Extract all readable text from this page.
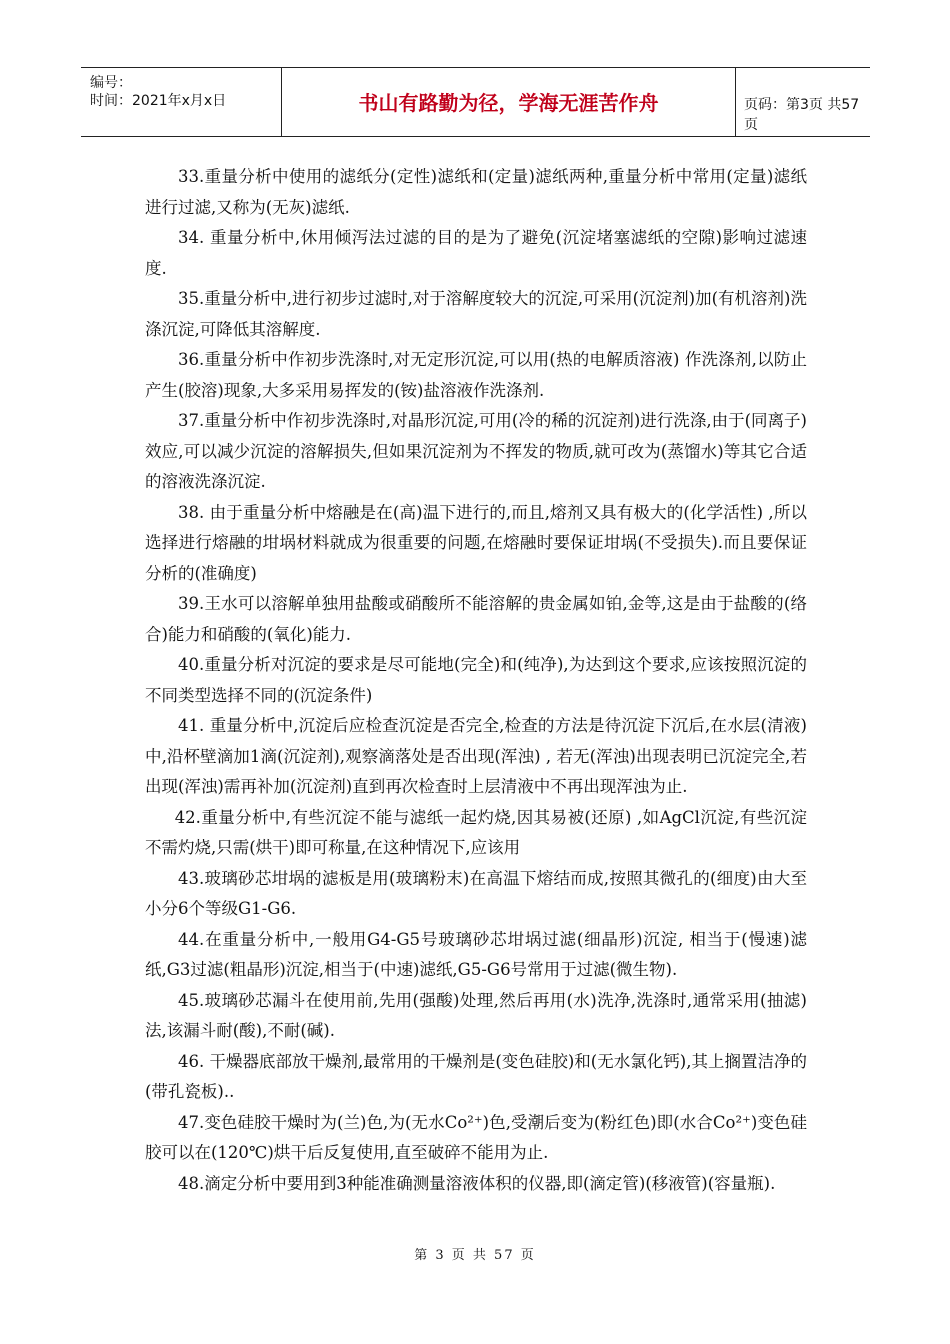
编号：
时间：2021年x月x日	书山有路勤为径，学海无涯苦作舟	页码：第3页 共57页

33.重量分析中使用的滤纸分(定性)滤纸和(定量)滤纸两种,重量分析中常用(定量)滤纸进行过滤,又称为(无灰)滤纸.

34. 重量分析中,休用倾泻法过滤的目的是为了避免(沉淀堵塞滤纸的空隙)影响过滤速度.

35.重量分析中,进行初步过滤时,对于溶解度较大的沉淀,可采用(沉淀剂)加(有机溶剂)洗涤沉淀,可降低其溶解度.

36.重量分析中作初步洗涤时,对无定形沉淀,可以用(热的电解质溶液) 作洗涤剂,以防止产生(胶溶)现象,大多采用易挥发的(铵)盐溶液作洗涤剂.

37.重量分析中作初步洗涤时,对晶形沉淀,可用(冷的稀的沉淀剂)进行洗涤,由于(同离子)效应,可以减少沉淀的溶解损失,但如果沉淀剂为不挥发的物质,就可改为(蒸馏水)等其它合适的溶液洗涤沉淀.

38. 由于重量分析中熔融是在(高)温下进行的,而且,熔剂又具有极大的(化学活性) ,所以选择进行熔融的坩埚材料就成为很重要的问题,在熔融时要保证坩埚(不受损失).而且要保证分析的(准确度)

39.王水可以溶解单独用盐酸或硝酸所不能溶解的贵金属如铂,金等,这是由于盐酸的(络合)能力和硝酸的(氧化)能力.

40.重量分析对沉淀的要求是尽可能地(完全)和(纯净),为达到这个要求,应该按照沉淀的不同类型选择不同的(沉淀条件)

41. 重量分析中,沉淀后应检查沉淀是否完全,检查的方法是待沉淀下沉后,在水层(清液)中,沿杯壁滴加1滴(沉淀剂),观察滴落处是否出现(浑浊) , 若无(浑浊)出现表明已沉淀完全,若出现(浑浊)需再补加(沉淀剂)直到再次检查时上层清液中不再出现浑浊为止.

42.重量分析中,有些沉淀不能与滤纸一起灼烧,因其易被(还原) ,如AgCl沉淀,有些沉淀不需灼烧,只需(烘干)即可称量,在这种情况下,应该用

43.玻璃砂芯坩埚的滤板是用(玻璃粉末)在高温下熔结而成,按照其微孔的(细度)由大至小分6个等级G1-G6.

44.在重量分析中,一般用G4-G5号玻璃砂芯坩埚过滤(细晶形)沉淀, 相当于(慢速)滤纸,G3过滤(粗晶形)沉淀,相当于(中速)滤纸,G5-G6号常用于过滤(微生物).

45.玻璃砂芯漏斗在使用前,先用(强酸)处理,然后再用(水)洗净,洗涤时,通常采用(抽滤)法,该漏斗耐(酸),不耐(碱).

46. 干燥器底部放干燥剂,最常用的干燥剂是(变色硅胶)和(无水氯化钙),其上搁置洁净的(带孔瓷板)..

47.变色硅胶干燥时为(兰)色,为(无水Co²⁺)色,受潮后变为(粉红色)即(水合Co²⁺)变色硅胶可以在(120℃)烘干后反复使用,直至破碎不能用为止.

48.滴定分析中要用到3种能准确测量溶液体积的仪器,即(滴定管)(移液管)(容量瓶).

第 3 页 共 57 页
